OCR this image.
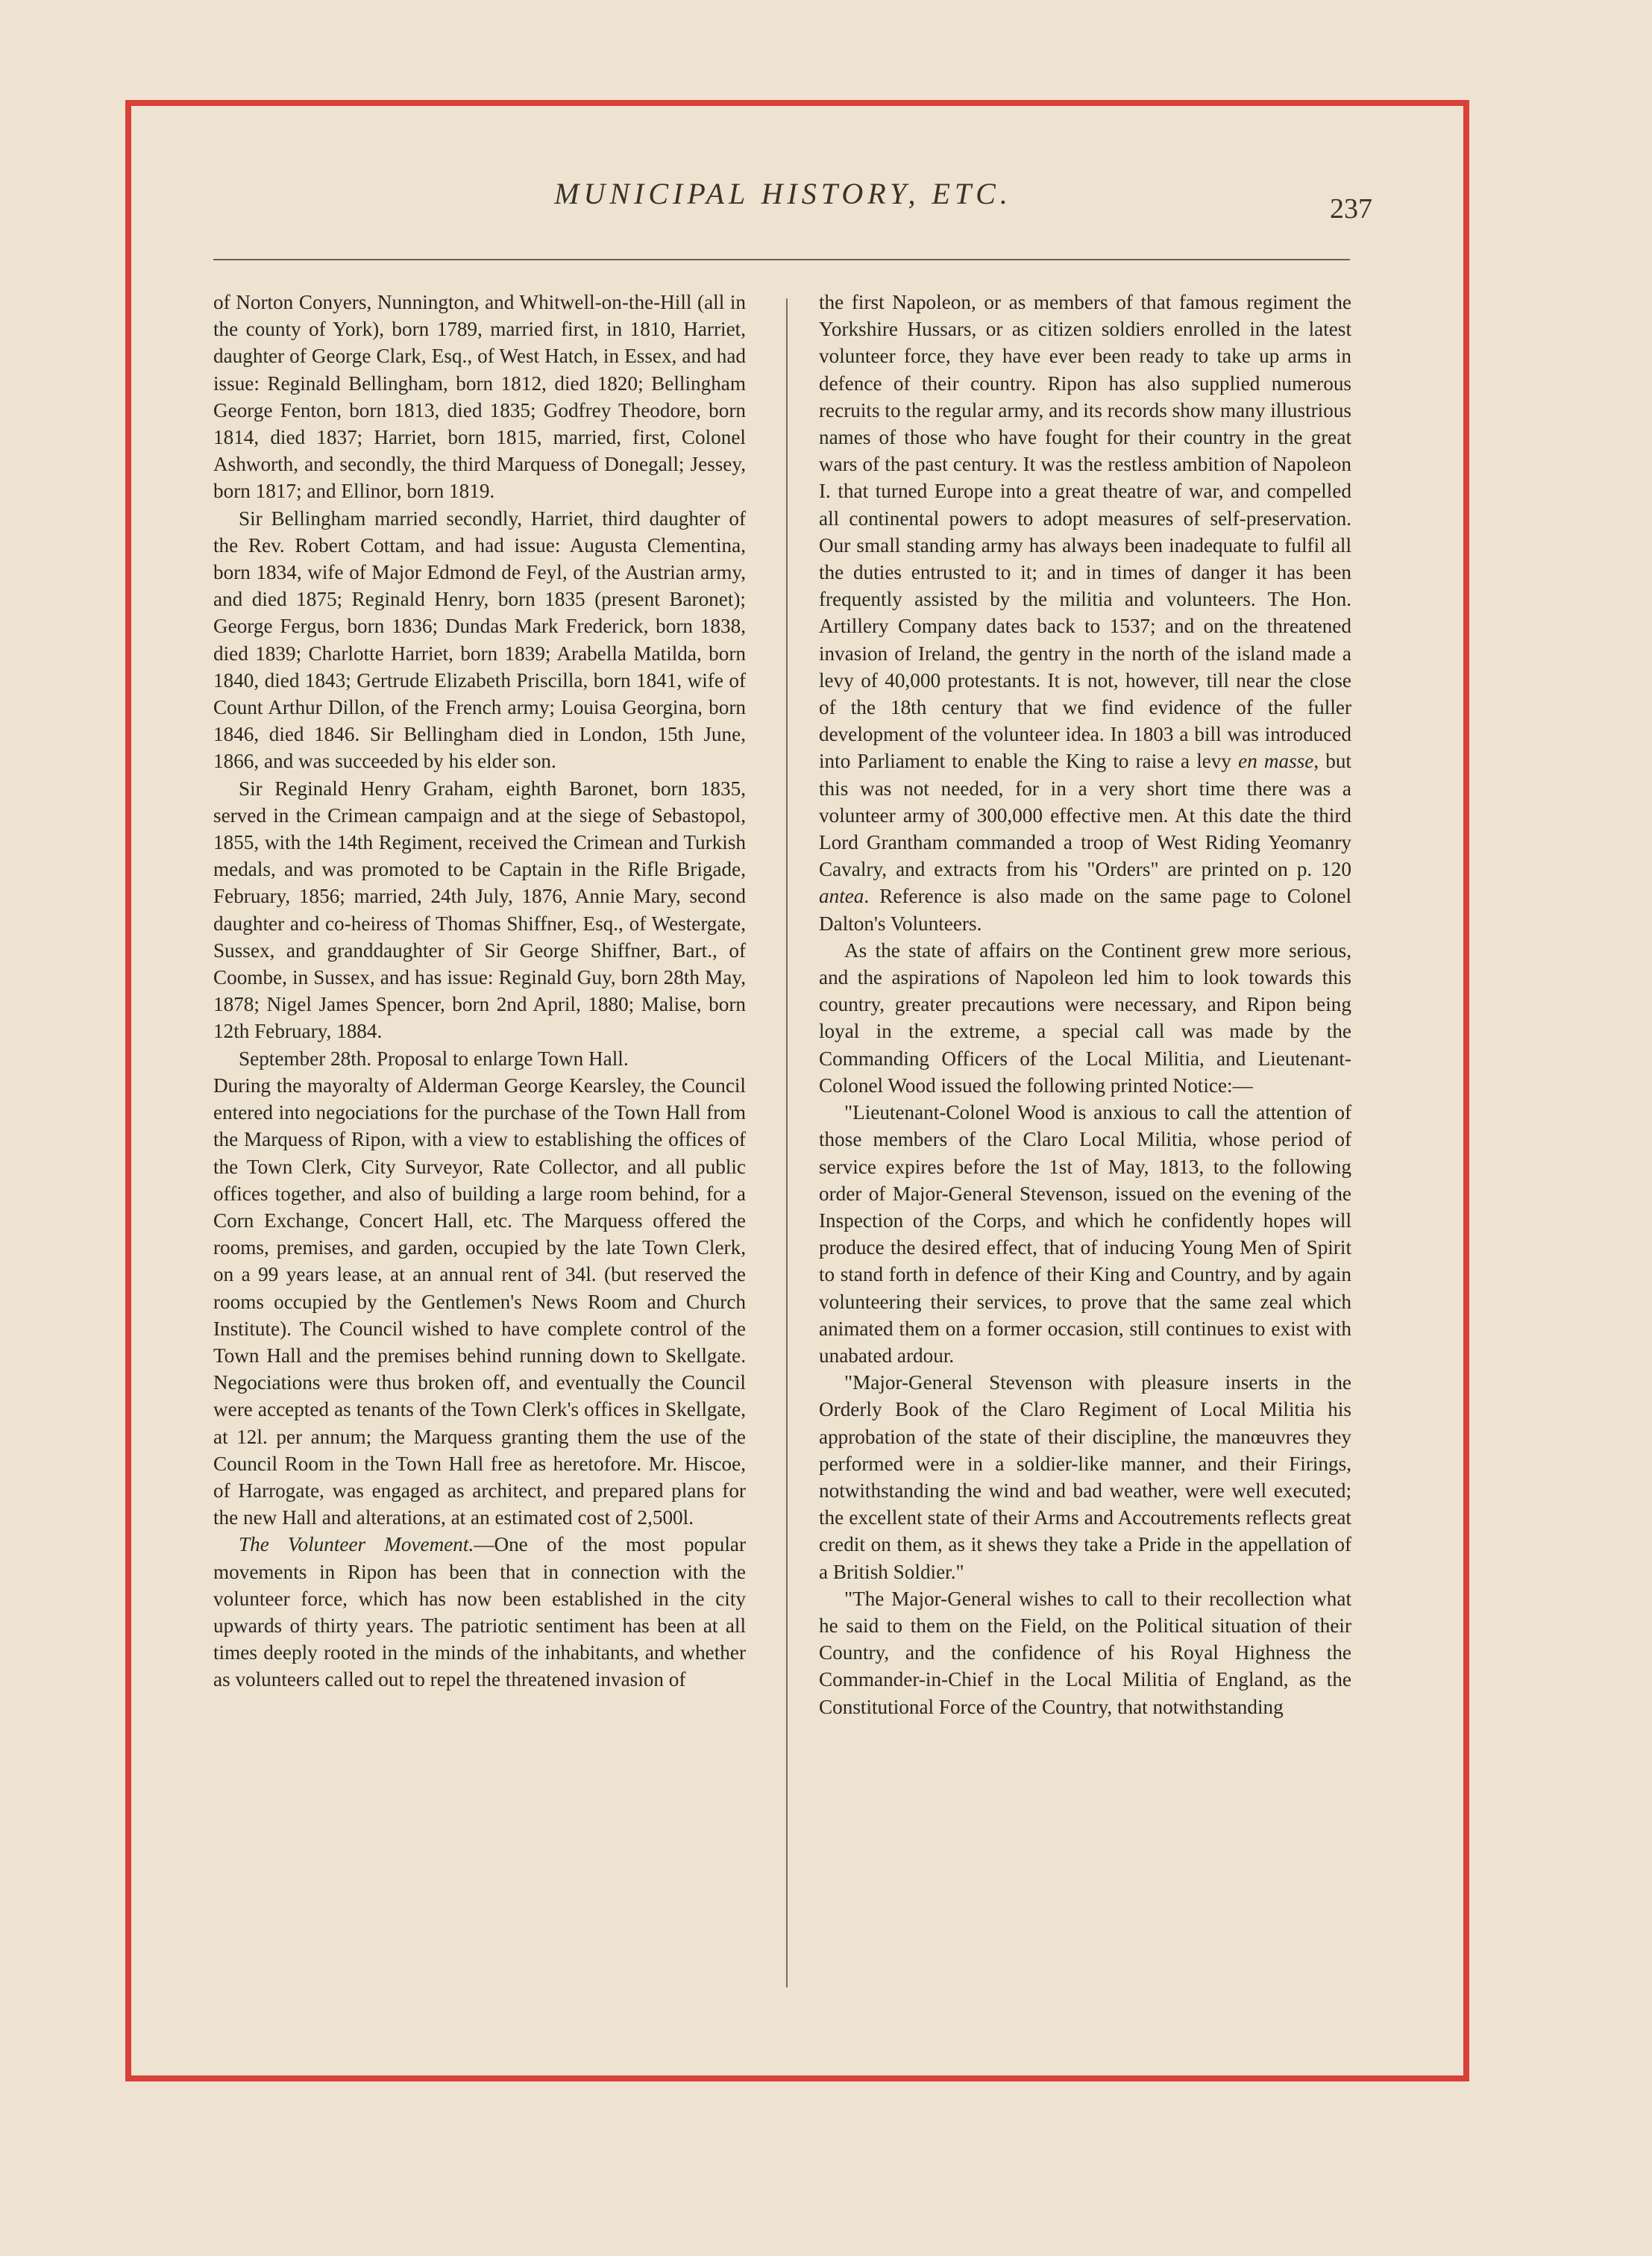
MUNICIPAL HISTORY, ETC.	237

of Norton Conyers, Nunnington, and Whitwell-on-the-Hill (all in the county of York), born 1789, married first, in 1810, Harriet, daughter of George Clark, Esq., of West Hatch, in Essex, and had issue: Reginald Bellingham, born 1812, died 1820; Bellingham George Fenton, born 1813, died 1835; Godfrey Theodore, born 1814, died 1837; Harriet, born 1815, married, first, Colonel Ashworth, and secondly, the third Marquess of Donegall; Jessey, born 1817; and Ellinor, born 1819.

Sir Bellingham married secondly, Harriet, third daughter of the Rev. Robert Cottam, and had issue: Augusta Clementina, born 1834, wife of Major Edmond de Feyl, of the Austrian army, and died 1875; Reginald Henry, born 1835 (present Baronet); George Fergus, born 1836; Dundas Mark Frederick, born 1838, died 1839; Charlotte Harriet, born 1839; Arabella Matilda, born 1840, died 1843; Gertrude Elizabeth Priscilla, born 1841, wife of Count Arthur Dillon, of the French army; Louisa Georgina, born 1846, died 1846. Sir Bellingham died in London, 15th June, 1866, and was succeeded by his elder son.

Sir Reginald Henry Graham, eighth Baronet, born 1835, served in the Crimean campaign and at the siege of Sebastopol, 1855, with the 14th Regiment, received the Crimean and Turkish medals, and was promoted to be Captain in the Rifle Brigade, February, 1856; married, 24th July, 1876, Annie Mary, second daughter and co-heiress of Thomas Shiffner, Esq., of Westergate, Sussex, and granddaughter of Sir George Shiffner, Bart., of Coombe, in Sussex, and has issue: Reginald Guy, born 28th May, 1878; Nigel James Spencer, born 2nd April, 1880; Malise, born 12th February, 1884.

September 28th. Proposal to enlarge Town Hall.

During the mayoralty of Alderman George Kearsley, the Council entered into negociations for the purchase of the Town Hall from the Marquess of Ripon, with a view to establishing the offices of the Town Clerk, City Surveyor, Rate Collector, and all public offices together, and also of building a large room behind, for a Corn Exchange, Concert Hall, etc. The Marquess offered the rooms, premises, and garden, occupied by the late Town Clerk, on a 99 years lease, at an annual rent of 34l. (but reserved the rooms occupied by the Gentlemen's News Room and Church Institute). The Council wished to have complete control of the Town Hall and the premises behind running down to Skellgate. Negociations were thus broken off, and eventually the Council were accepted as tenants of the Town Clerk's offices in Skellgate, at 12l. per annum; the Marquess granting them the use of the Council Room in the Town Hall free as heretofore. Mr. Hiscoe, of Harrogate, was engaged as architect, and prepared plans for the new Hall and alterations, at an estimated cost of 2,500l.

The Volunteer Movement.—One of the most popular movements in Ripon has been that in connection with the volunteer force, which has now been established in the city upwards of thirty years. The patriotic sentiment has been at all times deeply rooted in the minds of the inhabitants, and whether as volunteers called out to repel the threatened invasion of

the first Napoleon, or as members of that famous regiment the Yorkshire Hussars, or as citizen soldiers enrolled in the latest volunteer force, they have ever been ready to take up arms in defence of their country. Ripon has also supplied numerous recruits to the regular army, and its records show many illustrious names of those who have fought for their country in the great wars of the past century. It was the restless ambition of Napoleon I. that turned Europe into a great theatre of war, and compelled all continental powers to adopt measures of self-preservation. Our small standing army has always been inadequate to fulfil all the duties entrusted to it; and in times of danger it has been frequently assisted by the militia and volunteers. The Hon. Artillery Company dates back to 1537; and on the threatened invasion of Ireland, the gentry in the north of the island made a levy of 40,000 protestants. It is not, however, till near the close of the 18th century that we find evidence of the fuller development of the volunteer idea. In 1803 a bill was introduced into Parliament to enable the King to raise a levy en masse, but this was not needed, for in a very short time there was a volunteer army of 300,000 effective men. At this date the third Lord Grantham commanded a troop of West Riding Yeomanry Cavalry, and extracts from his "Orders" are printed on p. 120 antea. Reference is also made on the same page to Colonel Dalton's Volunteers.

As the state of affairs on the Continent grew more serious, and the aspirations of Napoleon led him to look towards this country, greater precautions were necessary, and Ripon being loyal in the extreme, a special call was made by the Commanding Officers of the Local Militia, and Lieutenant-Colonel Wood issued the following printed Notice:—

"Lieutenant-Colonel Wood is anxious to call the attention of those members of the Claro Local Militia, whose period of service expires before the 1st of May, 1813, to the following order of Major-General Stevenson, issued on the evening of the Inspection of the Corps, and which he confidently hopes will produce the desired effect, that of inducing Young Men of Spirit to stand forth in defence of their King and Country, and by again volunteering their services, to prove that the same zeal which animated them on a former occasion, still continues to exist with unabated ardour.

"Major-General Stevenson with pleasure inserts in the Orderly Book of the Claro Regiment of Local Militia his approbation of the state of their discipline, the manœuvres they performed were in a soldier-like manner, and their Firings, notwithstanding the wind and bad weather, were well executed; the excellent state of their Arms and Accoutrements reflects great credit on them, as it shews they take a Pride in the appellation of a British Soldier."

"The Major-General wishes to call to their recollection what he said to them on the Field, on the Political situation of their Country, and the confidence of his Royal Highness the Commander-in-Chief in the Local Militia of England, as the Constitutional Force of the Country, that notwithstanding
